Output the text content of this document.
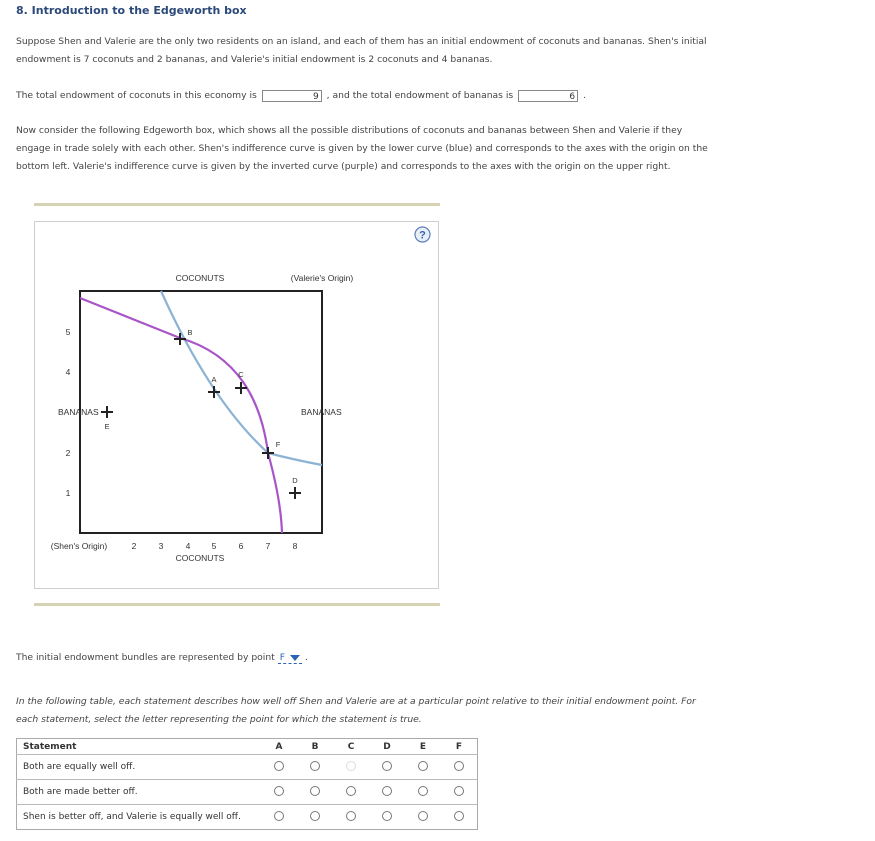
8. Introduction to the Edgeworth box
Suppose Shen and Valerie are the only two residents on an island, and each of them has an initial endowment of coconuts and bananas. Shen's initial
endowment is 7 coconuts and 2 bananas, and Valerie's initial endowment is 2 coconuts and 4 bananas.
The total endowment of coconuts in this economy is	9 , and the total endowment of bananas is	6 .
Now consider the following Edgeworth box, which shows all the possible distributions of coconuts and bananas between Shen and Valerie if they
engage in trade solely with each other. Shen's indifference curve is given by the lower curve (blue) and corresponds to the axes with the origin on the
bottom left. Valerie's indifference curve is given by the inverted curve (purple) and corresponds to the axes with the origin on the upper right.
?
COCONUTS	(Valerie's Origin)
(Shen's Origin)
COCONUTS
BANANAS	BANANAS
5
4
2
1
2	3	4	5	6	7	8
B
A
C
E
F
D
The initial endowment bundles are represented by point F .
In the following table, each statement describes how well off Shen and Valerie are at a particular point relative to their initial endowment point. For
each statement, select the letter representing the point for which the statement is true.
Statement	A	B	C	D	E	F
Both are equally well off.						
Both are made better off.						
Shen is better off, and Valerie is equally well off.						
